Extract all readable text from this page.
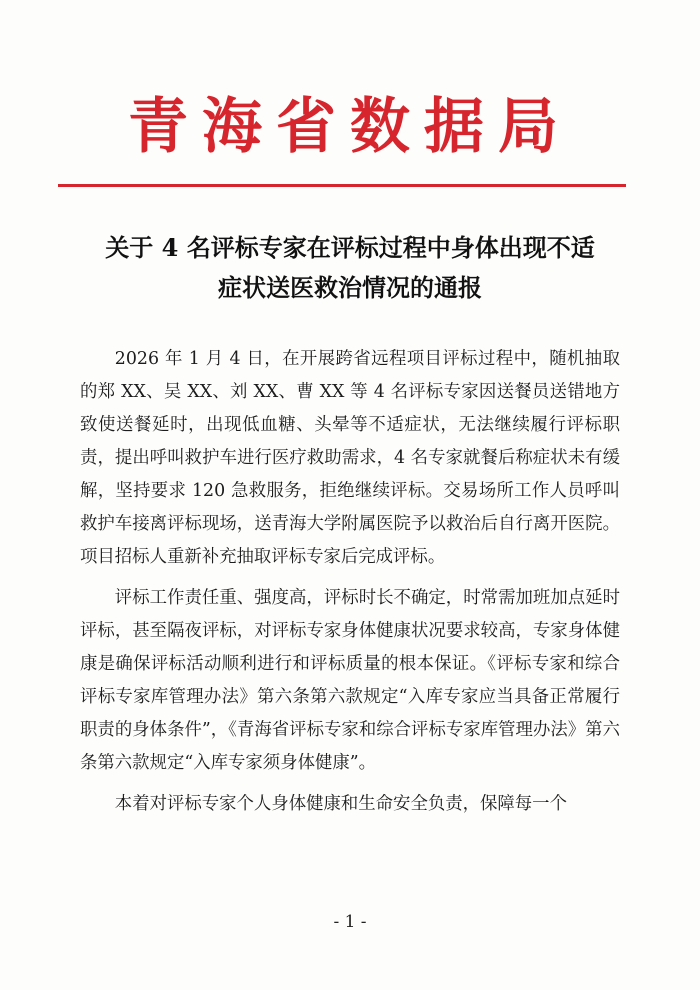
青海省数据局
关于 4 名评标专家在评标过程中身体出现不适
症状送医救治情况的通报

2026 年 1 月 4 日，在开展跨省远程项目评标过程中，随机抽取的郑 XX、吴 XX、刘 XX、曹 XX 等 4 名评标专家因送餐员送错地方致使送餐延时，出现低血糖、头晕等不适症状，无法继续履行评标职责，提出呼叫救护车进行医疗救助需求，4 名专家就餐后称症状未有缓解，坚持要求 120 急救服务，拒绝继续评标。交易场所工作人员呼叫救护车接离评标现场，送青海大学附属医院予以救治后自行离开医院。项目招标人重新补充抽取评标专家后完成评标。

评标工作责任重、强度高，评标时长不确定，时常需加班加点延时评标，甚至隔夜评标，对评标专家身体健康状况要求较高，专家身体健康是确保评标活动顺利进行和评标质量的根本保证。《评标专家和综合评标专家库管理办法》第六条第六款规定“入库专家应当具备正常履行职责的身体条件”，《青海省评标专家和综合评标专家库管理办法》第六条第六款规定“入库专家须身体健康”。

本着对评标专家个人身体健康和生命安全负责，保障每一个

- 1 -
